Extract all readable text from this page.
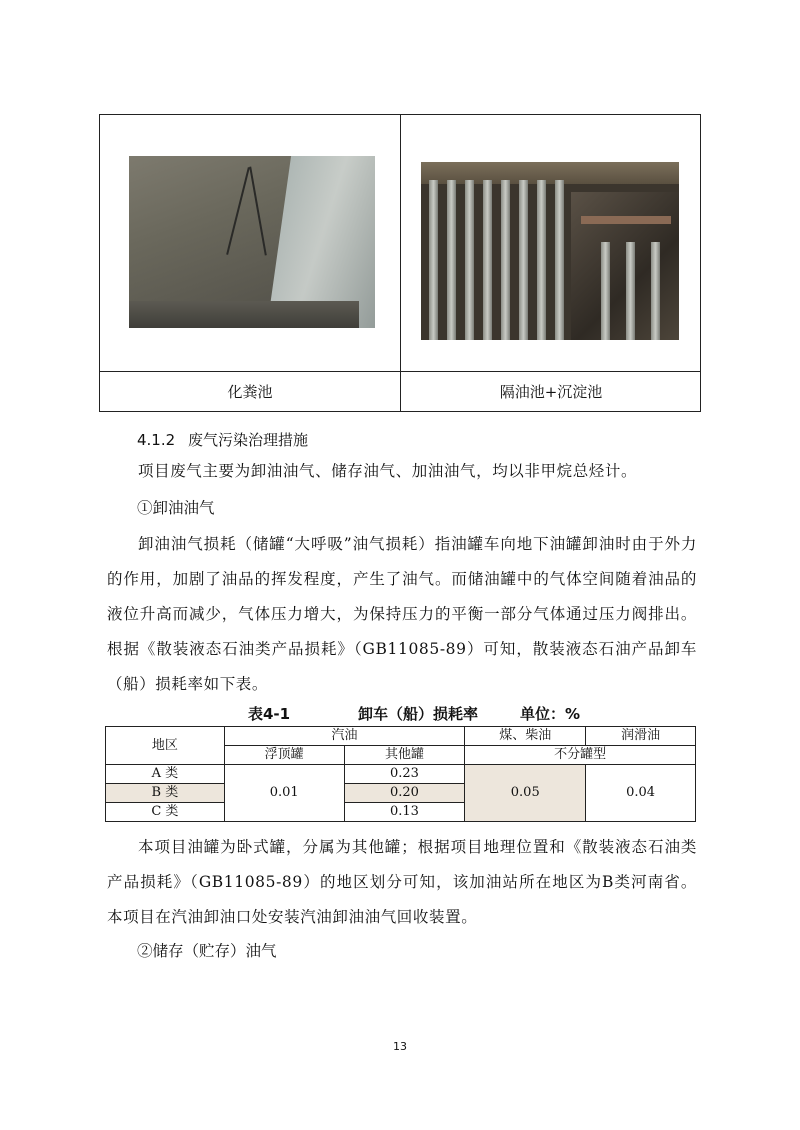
化粪池	隔油池+沉淀池
4.1.2 废气污染治理措施
项目废气主要为卸油油气、储存油气、加油油气，均以非甲烷总烃计。
①卸油油气
卸油油气损耗（储罐“大呼吸”油气损耗）指油罐车向地下油罐卸油时由于外力的作用，加剧了油品的挥发程度，产生了油气。而储油罐中的气体空间随着油品的液位升高而减少，气体压力增大，为保持压力的平衡一部分气体通过压力阀排出。根据《散装液态石油类产品损耗》（GB11085-89）可知，散装液态石油产品卸车（船）损耗率如下表。
表4-1	卸车（船）损耗率	单位：%
地区	汽油		煤、柴油	润滑油
	浮顶罐	其他罐	不分罐型	
A 类	0.01	0.23	0.05	0.04
B 类		0.20		
C 类		0.13		
本项目油罐为卧式罐，分属为其他罐；根据项目地理位置和《散装液态石油类产品损耗》（GB11085-89）的地区划分可知，该加油站所在地区为B类河南省。本项目在汽油卸油口处安装汽油卸油油气回收装置。
②储存（贮存）油气
13
